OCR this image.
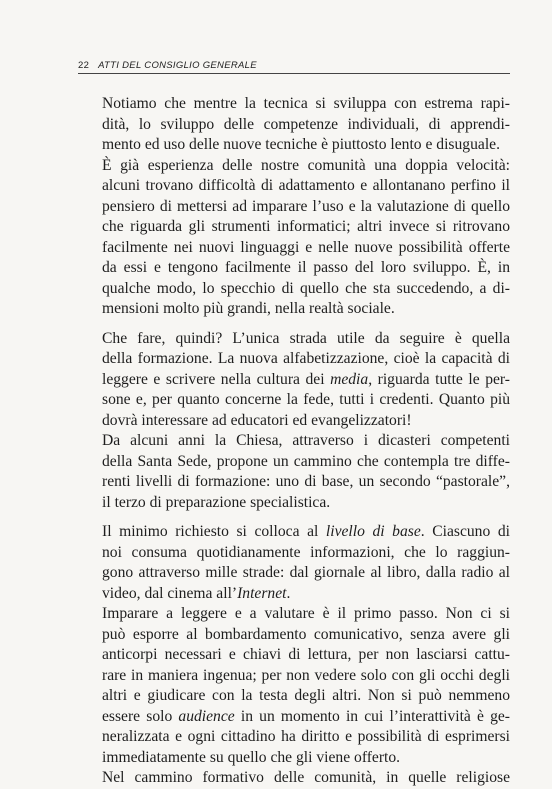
22 ATTI DEL CONSIGLIO GENERALE

Notiamo che mentre la tecnica si sviluppa con estrema rapi-
dità, lo sviluppo delle competenze individuali, di apprendi-
mento ed uso delle nuove tecniche è piuttosto lento e disuguale.

È già esperienza delle nostre comunità una doppia velocità:
alcuni trovano difficoltà di adattamento e allontanano perfino il
pensiero di mettersi ad imparare l’uso e la valutazione di quello
che riguarda gli strumenti informatici; altri invece si ritrovano
facilmente nei nuovi linguaggi e nelle nuove possibilità offerte
da essi e tengono facilmente il passo del loro sviluppo. È, in
qualche modo, lo specchio di quello che sta succedendo, a di-
mensioni molto più grandi, nella realtà sociale.

Che fare, quindi? L’unica strada utile da seguire è quella
della formazione. La nuova alfabetizzazione, cioè la capacità di
leggere e scrivere nella cultura dei media, riguarda tutte le per-
sone e, per quanto concerne la fede, tutti i credenti. Quanto più
dovrà interessare ad educatori ed evangelizzatori!

Da alcuni anni la Chiesa, attraverso i dicasteri competenti
della Santa Sede, propone un cammino che contempla tre diffe-
renti livelli di formazione: uno di base, un secondo “pastorale”,
il terzo di preparazione specialistica.

Il minimo richiesto si colloca al livello di base. Ciascuno di
noi consuma quotidianamente informazioni, che lo raggiun-
gono attraverso mille strade: dal giornale al libro, dalla radio al
video, dal cinema all’Internet.

Imparare a leggere e a valutare è il primo passo. Non ci si
può esporre al bombardamento comunicativo, senza avere gli
anticorpi necessari e chiavi di lettura, per non lasciarsi cattu-
rare in maniera ingenua; per non vedere solo con gli occhi degli
altri e giudicare con la testa degli altri. Non si può nemmeno
essere solo audience in un momento in cui l’interattività è ge-
neralizzata e ogni cittadino ha diritto e possibilità di esprimersi
immediatamente su quello che gli viene offerto.

Nel cammino formativo delle comunità, in quelle religiose
